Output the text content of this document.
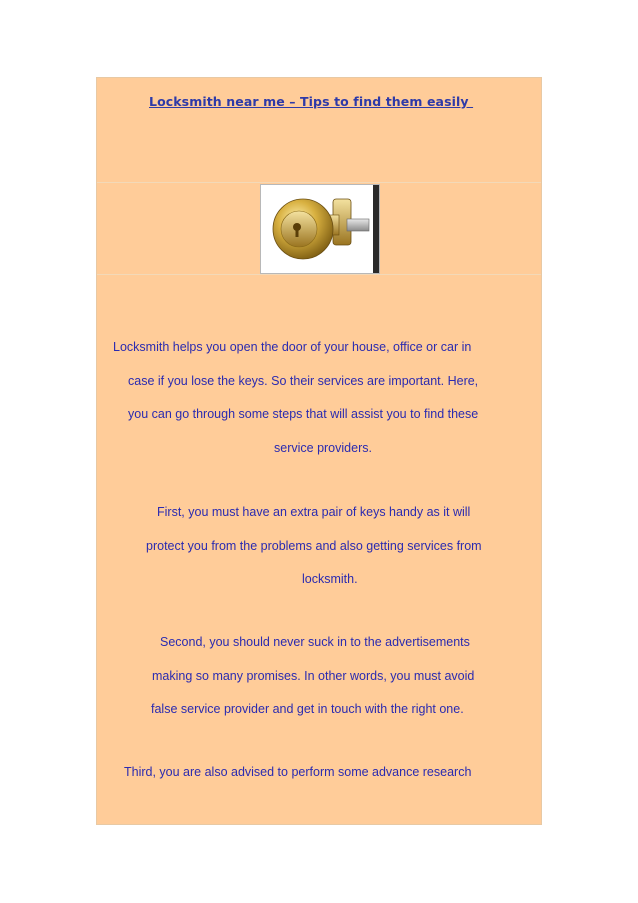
Locksmith near me – Tips to find them easily
Locksmith helps you open the door of your house, office or car in
case if you lose the keys. So their services are important. Here,
you can go through some steps that will assist you to find these
service providers.
First, you must have an extra pair of keys handy as it will
protect you from the problems and also getting services from
locksmith.
Second, you should never suck in to the advertisements
making so many promises. In other words, you must avoid
false service provider and get in touch with the right one.
Third, you are also advised to perform some advance research
